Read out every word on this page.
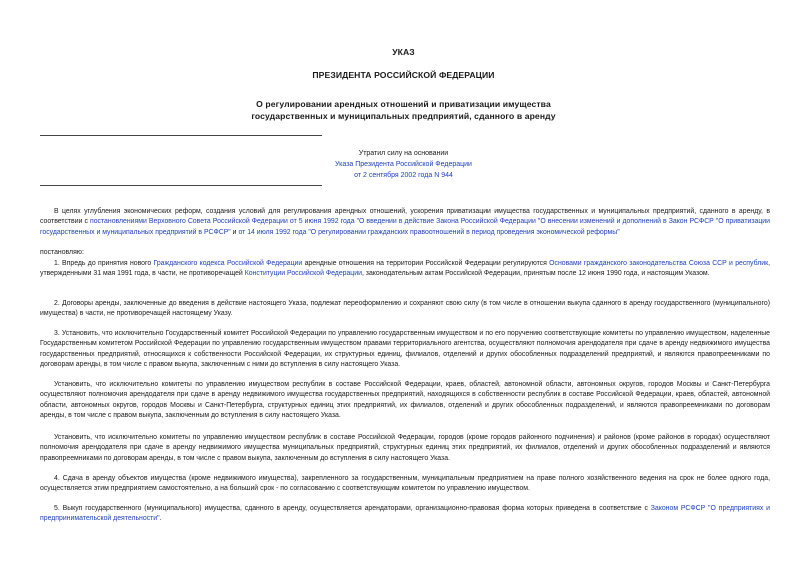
УКАЗ
ПРЕЗИДЕНТА РОССИЙСКОЙ ФЕДЕРАЦИИ
О регулировании арендных отношений и приватизации имущества
государственных и муниципальных предприятий, сданного в аренду
Утратил силу на основании
Указа Президента Российской Федерации
от 2 сентября 2002 года N 944
В целях углубления экономических реформ, создания условий для регулирования арендных отношений, ускорения приватизации имущества государственных и муниципальных предприятий, сданного в аренду, в соответствии с постановлениями Верховного Совета Российской Федерации от 5 июня 1992 года "О введении в действие Закона Российской Федерации "О внесении изменений и дополнений в Закон РСФСР "О приватизации государственных и муниципальных предприятий в РСФСР" и от 14 июля 1992 года "О регулировании гражданских правоотношений в период проведения экономической реформы"
постановляю:
1. Впредь до принятия нового Гражданского кодекса Российской Федерации арендные отношения на территории Российской Федерации регулируются Основами гражданского законодательства Союза ССР и республик, утвержденными 31 мая 1991 года, в части, не противоречащей Конституции Российской Федерации, законодательным актам Российской Федерации, принятым после 12 июня 1990 года, и настоящим Указом.
2. Договоры аренды, заключенные до введения в действие настоящего Указа, подлежат переоформлению и сохраняют свою силу (в том числе в отношении выкупа сданного в аренду государственного (муниципального) имущества) в части, не противоречащей настоящему Указу.
3. Установить, что исключительно Государственный комитет Российской Федерации по управлению государственным имуществом и по его поручению соответствующие комитеты по управлению имуществом, наделенные Государственным комитетом Российской Федерации по управлению государственным имуществом правами территориального агентства, осуществляют полномочия арендодателя при сдаче в аренду недвижимого имущества государственных предприятий, относящихся к собственности Российской Федерации, их структурных единиц, филиалов, отделений и других обособленных подразделений предприятий, и являются правопреемниками по договорам аренды, в том числе с правом выкупа, заключенным с ними до вступления в силу настоящего Указа.
Установить, что исключительно комитеты по управлению имуществом республик в составе Российской Федерации, краев, областей, автономной области, автономных округов, городов Москвы и Санкт-Петербурга осуществляют полномочия арендодателя при сдаче в аренду недвижимого имущества государственных предприятий, находящихся в собственности республик в составе Российской Федерации, краев, областей, автономной области, автономных округов, городов Москвы и Санкт-Петербурга, структурных единиц этих предприятий, их филиалов, отделений и других обособленных подразделений, и являются правопреемниками по договорам аренды, в том числе с правом выкупа, заключенным до вступления в силу настоящего Указа.
Установить, что исключительно комитеты по управлению имуществом республик в составе Российской Федерации, городов (кроме городов районного подчинения) и районов (кроме районов в городах) осуществляют полномочия арендодателя при сдаче в аренду недвижимого имущества муниципальных предприятий, структурных единиц этих предприятий, их филиалов, отделений и других обособленных подразделений и являются правопреемниками по договорам аренды, в том числе с правом выкупа, заключенным до вступления в силу настоящего Указа.
4. Сдача в аренду объектов имущества (кроме недвижимого имущества), закрепленного за государственным, муниципальным предприятием на праве полного хозяйственного ведения на срок не более одного года, осуществляется этим предприятием самостоятельно, а на больший срок - по согласованию с соответствующим комитетом по управлению имуществом.
5. Выкуп государственного (муниципального) имущества, сданного в аренду, осуществляется арендаторами, организационно-правовая форма которых приведена в соответствие с Законом РСФСР "О предприятиях и предпринимательской деятельности".
